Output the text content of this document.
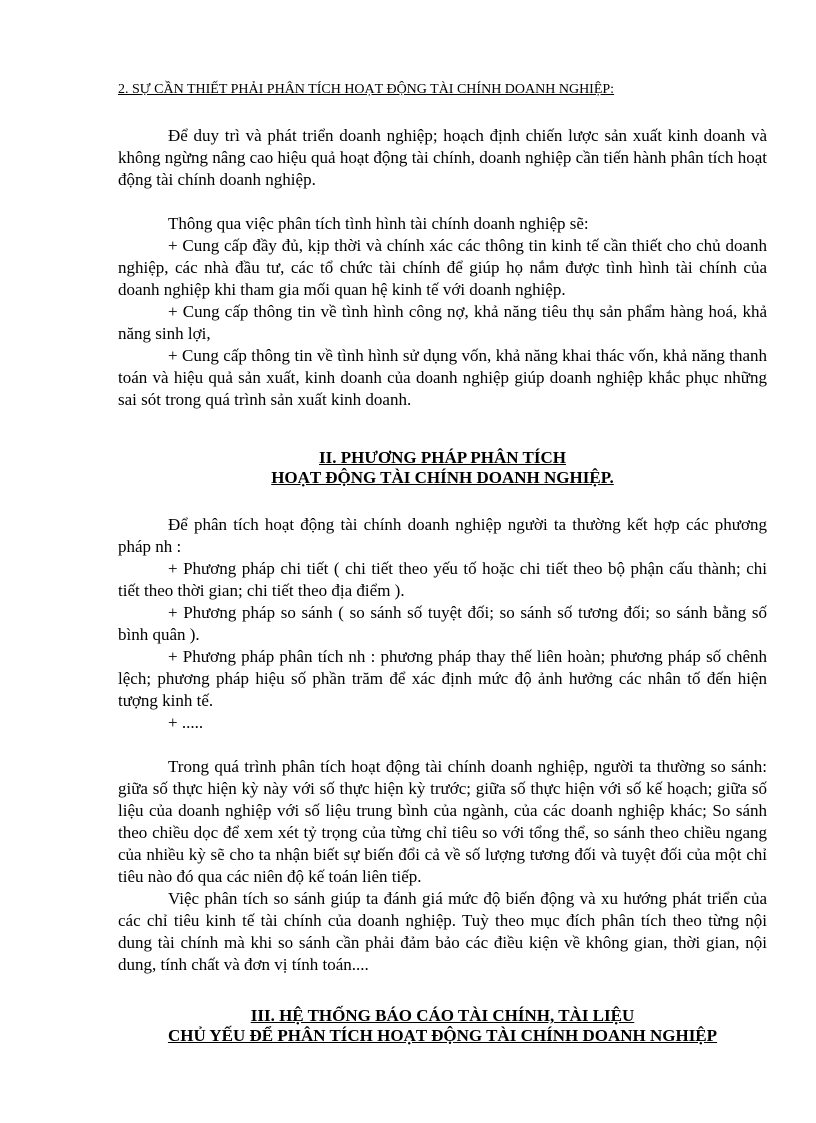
2. SỰ CẦN THIẾT PHẢI PHÂN TÍCH HOẠT ĐỘNG TÀI CHÍNH DOANH NGHIỆP:

Để duy trì và phát triển doanh nghiệp; hoạch định chiến lược sản xuất kinh doanh và không ngừng nâng cao hiệu quả hoạt động tài chính, doanh nghiệp cần tiến hành phân tích hoạt động tài chính doanh nghiệp.

Thông qua việc phân tích tình hình tài chính doanh nghiệp sẽ:

+ Cung cấp đầy đủ, kịp thời và chính xác các thông tin kinh tế cần thiết cho chủ doanh nghiệp, các nhà đầu tư, các tổ chức tài chính để giúp họ nắm được tình hình tài chính của doanh nghiệp khi tham gia mối quan hệ kinh tế với doanh nghiệp.

+ Cung cấp thông tin về tình hình công nợ, khả năng tiêu thụ sản phẩm hàng hoá, khả năng sinh lợi,

+ Cung cấp thông tin về tình hình sử dụng vốn, khả năng khai thác vốn, khả năng thanh toán và hiệu quả sản xuất, kinh doanh của doanh nghiệp giúp doanh nghiệp khắc phục những sai sót trong quá trình sản xuất kinh doanh.

II. PHƯƠNG PHÁP PHÂN TÍCH
HOẠT ĐỘNG TÀI CHÍNH DOANH NGHIỆP.

Để phân tích hoạt động tài chính doanh nghiệp người ta thường kết hợp các phương pháp nh :

+ Phương pháp chi tiết ( chi tiết theo yếu tố hoặc chi tiết theo bộ phận cấu thành; chi tiết theo thời gian; chi tiết theo địa điểm ).

+ Phương pháp so sánh ( so sánh số tuyệt đối; so sánh số tương đối; so sánh bằng số bình quân ).

+ Phương pháp phân tích nh : phương pháp thay thế liên hoàn; phương pháp số chênh lệch; phương pháp hiệu số phần trăm để xác định mức độ ảnh hưởng các nhân tố đến hiện tượng kinh tế.

+ .....

Trong quá trình phân tích hoạt động tài chính doanh nghiệp, người ta thường so sánh: giữa số thực hiện kỳ này với số thực hiện kỳ trước; giữa số thực hiện với số kế hoạch; giữa số liệu của doanh nghiệp với số liệu trung bình của ngành, của các doanh nghiệp khác; So sánh theo chiều dọc để xem xét tỷ trọng của từng chỉ tiêu so với tổng thể, so sánh theo chiều ngang của nhiều kỳ sẽ cho ta nhận biết sự biến đổi cả về số lượng tương đối và tuyệt đối của một chỉ tiêu nào đó qua các niên độ kế toán liên tiếp.

Việc phân tích so sánh giúp ta đánh giá mức độ biến động và xu hướng phát triển của các chỉ tiêu kinh tế tài chính của doanh nghiệp. Tuỳ theo mục đích phân tích theo từng nội dung tài chính mà khi so sánh cần phải đảm bảo các điều kiện về không gian, thời gian, nội dung, tính chất và đơn vị tính toán....

III. HỆ THỐNG BÁO CÁO TÀI CHÍNH, TÀI LIỆU
CHỦ YẾU ĐỂ PHÂN TÍCH HOẠT ĐỘNG TÀI CHÍNH DOANH NGHIỆP
